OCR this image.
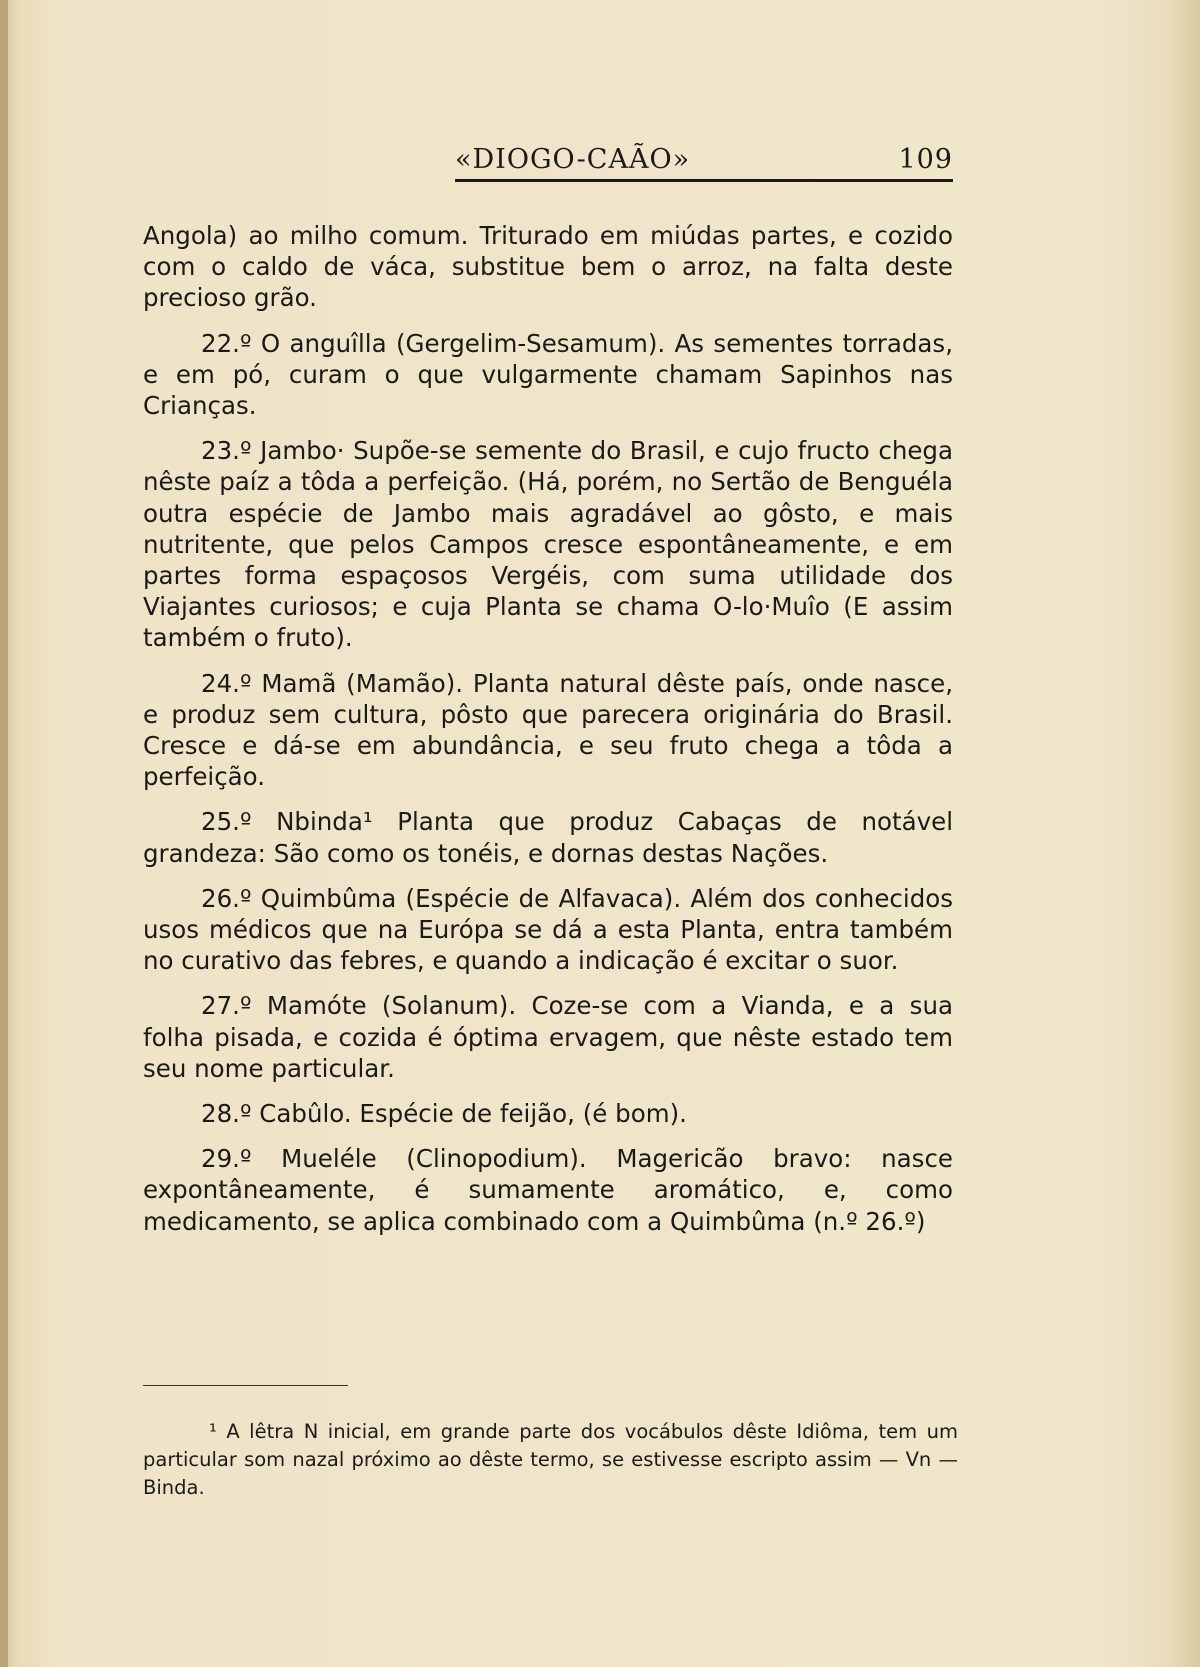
«DIOGO-CAÃO»	109

Angola) ao milho comum. Triturado em miúdas partes, e cozido com o caldo de váca, substitue bem o arroz, na falta deste precioso grão.

22.º O anguîlla (Gergelim-Sesamum). As sementes torradas, e em pó, curam o que vulgarmente chamam Sapinhos nas Crianças.

23.º Jambo· Supõe-se semente do Brasil, e cujo fructo chega nêste paíz a tôda a perfeição. (Há, porém, no Sertão de Benguéla outra espécie de Jambo mais agradável ao gôsto, e mais nutritente, que pelos Campos cresce espontâneamente, e em partes forma espaçosos Vergéis, com suma utilidade dos Viajantes curiosos; e cuja Planta se chama O-lo·Muîo (E assim também o fruto).

24.º Mamã (Mamão). Planta natural dêste país, onde nasce, e produz sem cultura, pôsto que parecera originária do Brasil. Cresce e dá-se em abundância, e seu fruto chega a tôda a perfeição.

25.º Nbinda¹ Planta que produz Cabaças de notável grandeza: São como os tonéis, e dornas destas Nações.

26.º Quimbûma (Espécie de Alfavaca). Além dos conhecidos usos médicos que na Európa se dá a esta Planta, entra também no curativo das febres, e quando a indicação é excitar o suor.

27.º Mamóte (Solanum). Coze-se com a Vianda, e a sua folha pisada, e cozida é óptima ervagem, que nêste estado tem seu nome particular.

28.º Cabûlo. Espécie de feijão, (é bom).

29.º Mueléle (Clinopodium). Magericão bravo: nasce expontâneamente, é sumamente aromático, e, como medicamento, se aplica combinado com a Quimbûma (n.º 26.º)

¹ A lêtra N inicial, em grande parte dos vocábulos dêste Idiôma, tem um particular som nazal próximo ao dêste termo, se estivesse escripto assim — Vn — Binda.
